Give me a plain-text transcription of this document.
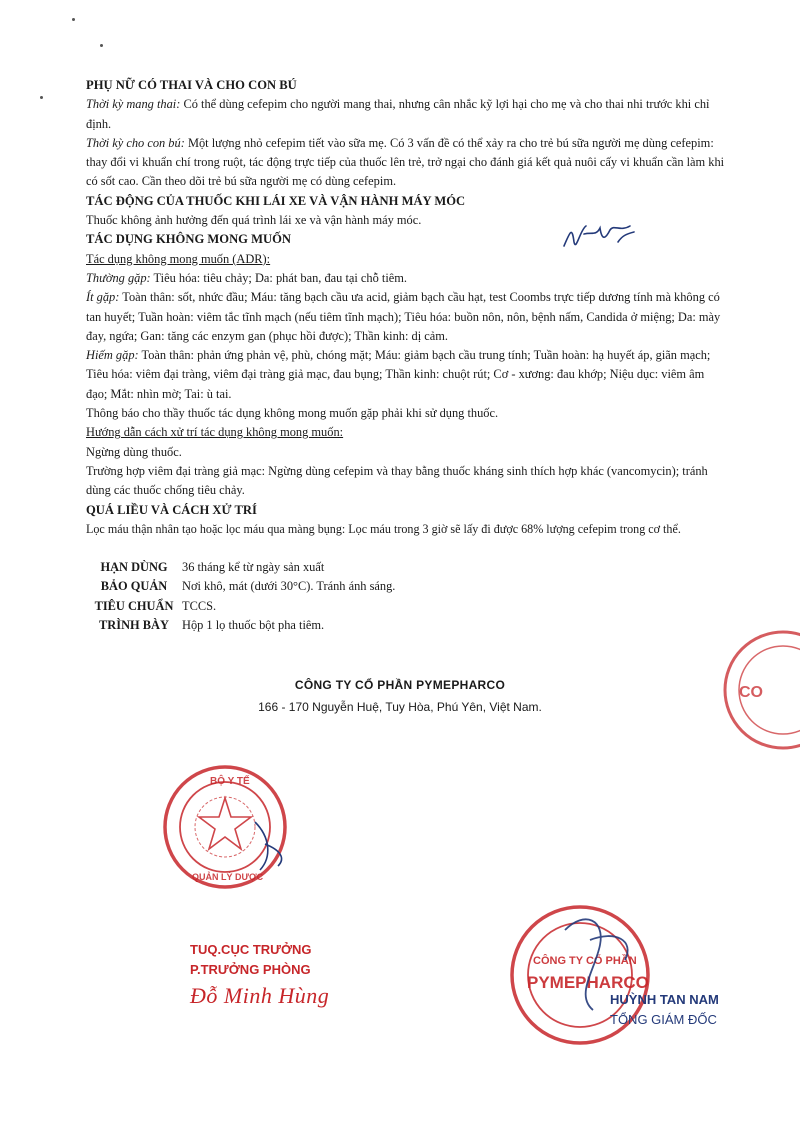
PHỤ NỮ CÓ THAI VÀ CHO CON BÚ

Thời kỳ mang thai: Có thể dùng cefepim cho người mang thai, nhưng cân nhắc kỹ lợi hại cho mẹ và cho thai nhi trước khi chỉ định.

Thời kỳ cho con bú: Một lượng nhỏ cefepim tiết vào sữa mẹ. Có 3 vấn đề có thể xảy ra cho trẻ bú sữa người mẹ dùng cefepim: thay đổi vi khuẩn chí trong ruột, tác động trực tiếp của thuốc lên trẻ, trở ngại cho đánh giá kết quả nuôi cấy vi khuẩn cần làm khi có sốt cao. Cần theo dõi trẻ bú sữa người mẹ có dùng cefepim.

TÁC ĐỘNG CỦA THUỐC KHI LÁI XE VÀ VẬN HÀNH MÁY MÓC

Thuốc không ảnh hưởng đến quá trình lái xe và vận hành máy móc.

TÁC DỤNG KHÔNG MONG MUỐN

Tác dụng không mong muốn (ADR):

Thường gặp: Tiêu hóa: tiêu chảy; Da: phát ban, đau tại chỗ tiêm.

Ít gặp: Toàn thân: sốt, nhức đầu; Máu: tăng bạch cầu ưa acid, giảm bạch cầu hạt, test Coombs trực tiếp dương tính mà không có tan huyết; Tuần hoàn: viêm tắc tĩnh mạch (nếu tiêm tĩnh mạch); Tiêu hóa: buồn nôn, nôn, bệnh nấm, Candida ở miệng; Da: mày đay, ngứa; Gan: tăng các enzym gan (phục hồi được); Thần kinh: dị cảm.

Hiếm gặp: Toàn thân: phản ứng phản vệ, phù, chóng mặt; Máu: giảm bạch cầu trung tính; Tuần hoàn: hạ huyết áp, giãn mạch; Tiêu hóa: viêm đại tràng, viêm đại tràng giả mạc, đau bụng; Thần kinh: chuột rút; Cơ - xương: đau khớp; Niệu dục: viêm âm đạo; Mắt: nhìn mờ; Tai: ù tai.

Thông báo cho thầy thuốc tác dụng không mong muốn gặp phải khi sử dụng thuốc.

Hướng dẫn cách xử trí tác dụng không mong muốn:

Ngừng dùng thuốc.

Trường hợp viêm đại tràng giả mạc: Ngừng dùng cefepim và thay bằng thuốc kháng sinh thích hợp khác (vancomycin); tránh dùng các thuốc chống tiêu chảy.

QUÁ LIỀU VÀ CÁCH XỬ TRÍ

Lọc máu thận nhân tạo hoặc lọc máu qua màng bụng: Lọc máu trong 3 giờ sẽ lấy đi được 68% lượng cefepim trong cơ thể.

HẠN DÙNG	36 tháng kể từ ngày sản xuất
BẢO QUẢN	Nơi khô, mát (dưới 30°C). Tránh ánh sáng.
TIÊU CHUẨN TCCS.
TRÌNH BÀY	Hộp 1 lọ thuốc bột pha tiêm.
CÔNG TY CỔ PHẦN PYMEPHARCO
166 - 170 Nguyễn Huệ, Tuy Hòa, Phú Yên, Việt Nam.
CO
BỘ Y TẾ
QUẢN LÝ DƯỢC
TUQ.CỤC TRƯỞNG
P.TRƯỞNG PHÒNG
Đỗ Minh Hùng
CÔNG TY CỔ PHẦN
PYMEPHARCO
HUỲNH TAN NAM
TỔNG GIÁM ĐỐC
